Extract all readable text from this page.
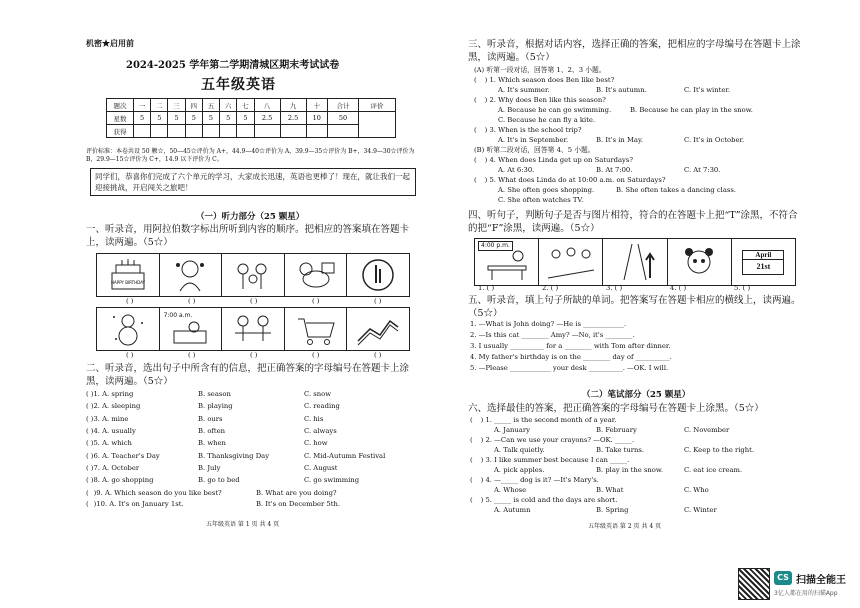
机密★启用前
2024-2025 学年第二学期清城区期末考试试卷
五年级英语
题次	一	二	三	四	五	六	七	八	九	十	合计	评价
星数	5	5	5	5	5	5	5	2.5	2.5	10	50	
获得												
评价标准：本卷共设 50 颗☆，50—45☆评价为 A+，44.9—40☆评价为 A，39.9—35☆评价为 B+，34.9—30☆评价为 B，29.9—15☆评价为 C+，14.9 以下评价为 C。
同学们，恭喜你们完成了六个单元的学习，大家成长迅速，英语也更棒了！现在，就让我们一起迎接挑战，开启闯关之旅吧！
（一）听力部分（25 颗星）
一、听录音，用阿拉伯数字标出所听到内容的顺序。把相应的答案填在答题卡上，读两遍。（5☆）
HAPPY BIRTHDAY
( )	( )	( )	( )	( )
7:00 a.m.
( )	( )	( )	( )	( )
二、听录音，选出句子中所含有的信息，把正确答案的字母编号在答题卡上涂黑，读两遍。（5☆）
( )1. A. spring	B. season	C. snow
( )2. A. sleeping	B. playing	C. reading
( )3. A. mine	B. ours	C. his
( )4. A. usually	B. often	C. always
( )5. A. which	B. when	C. how
( )6. A. Teacher's Day	B. Thanksgiving Day	C. Mid-Autumn Festival
( )7. A. October	B. July	C. August
( )8. A. go shopping	B. go to bed	C. go swimming
( )9. A. Which season do you like best?	B. What are you doing?
( )10. A. It's on January 1st.	B. It's on December 5th.
五年级英语 第 1 页 共 4 页
三、听录音，根据对话内容，选择正确的答案，把相应的字母编号在答题卡上涂黑，读两遍。（5☆）
(A) 听第一段对话，回答第 1、2、3 小题。
( ) 1. Which season does Ben like best?
A. It's summer.	B. It's autumn.	C. It's winter.
( ) 2. Why does Ben like this season?
A. Because he can go swimming.	B. Because he can play in the snow.
C. Because he can fly a kite.
( ) 3. When is the school trip?
A. It's in September.	B. It's in May.	C. It's in October.
(B) 听第二段对话，回答第 4、5 小题。
( ) 4. When does Linda get up on Saturdays?
A. At 6:30.	B. At 7:00.	C. At 7:30.
( ) 5. What does Linda do at 10:00 a.m. on Saturdays?
A. She often goes shopping.	B. She often takes a dancing class.
C. She often watches TV.
四、听句子，判断句子是否与图片相符，符合的在答题卡上把“T”涂黑，不符合的把“F”涂黑，读两遍。（5☆）
4:00 p.m.
April
21st
1. ( )	2. ( )	3. ( )	4. ( )	5. ( )
五、听录音，填上句子所缺的单词。把答案写在答题卡相应的横线上，读两遍。（5☆）
1. —What is John doing? —He is ____________.
2. —Is this cat ________ Amy? —No, it's ________.
3. I usually __________ for a ________ with Tom after dinner.
4. My father's birthday is on the ________ day of __________.
5. —Please ____________ your desk __________. —OK. I will.
（二）笔试部分（25 颗星）
六、选择最佳的答案，把正确答案的字母编号在答题卡上涂黑。（5☆）
( ) 1. _____ is the second month of a year.
A. January	B. February	C. November
( ) 2. —Can we use your crayons? —OK. _____.
A. Talk quietly.	B. Take turns.	C. Keep to the right.
( ) 3. I like summer best because I can _____.
A. pick apples.	B. play in the snow.	C. eat ice cream.
( ) 4. —_____ dog is it? —It's Mary's.
A. Whose	B. What	C. Who
( ) 5. _____ is cold and the days are short.
A. Autumn	B. Spring	C. Winter
五年级英语 第 2 页 共 4 页
CS 扫描全能王
3亿人都在用的扫描App
